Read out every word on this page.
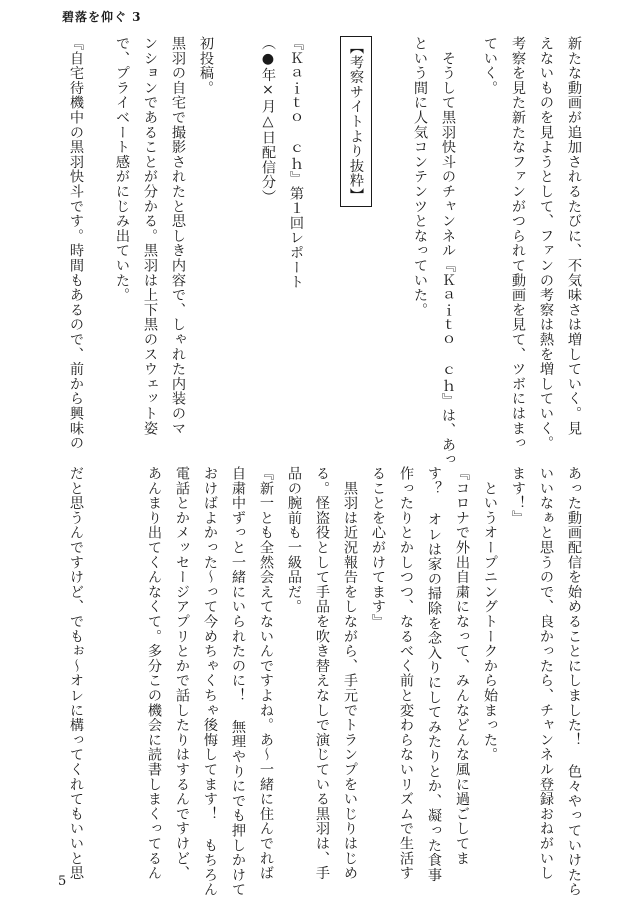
碧落を仰ぐ 3
新たな動画が追加されるたびに、不気味さは増していく。見
えないものを見ようとして、ファンの考察は熱を増していく。
考察を見た新たなファンがつられて動画を見て、ツボにはまっ
ていく。
　そうして黒羽快斗のチャンネル『Ｋａｉｔｏ ｃｈ』は、あっ
という間に人気コンテンツとなっていた。
【考察サイトより抜粋】
『Ｋａｉｔｏ ｃｈ』第１回レポート
（●年×月△日配信分）
初投稿。
黒羽の自宅で撮影されたと思しき内容で、しゃれた内装のマ
ンションであることが分かる。黒羽は上下黒のスウェット姿
で、プライベート感がにじみ出ていた。
『自宅待機中の黒羽快斗です。時間もあるので、前から興味の
あった動画配信を始めることにしました！ 色々やっていけたら
いいなぁと思うので、良かったら、チャンネル登録おねがいし
ます！』
　というオープニングトークから始まった。
『コロナで外出自粛になって、みんなどんな風に過ごしてま
す？ オレは家の掃除を念入りにしてみたりとか、凝った食事
作ったりとかしつつ、なるべく前と変わらないリズムで生活す
ることを心がけてます』
　黒羽は近況報告をしながら、手元でトランプをいじりはじめ
る。怪盗役として手品を吹き替えなしで演じている黒羽は、手
品の腕前も一級品だ。
『新一とも全然会えてないんですよね。あ～一緒に住んでれば
自粛中ずっと一緒にいられたのに！ 無理やりにでも押しかけて
おけばよかった～って今めちゃくちゃ後悔してます！ もちろん
電話とかメッセージアプリとかで話したりはするんですけど、
あんまり出てくんなくて。多分この機会に読書しまくってるん
だと思うんですけど、でもぉ～オレに構ってくれてもいいと思
5
